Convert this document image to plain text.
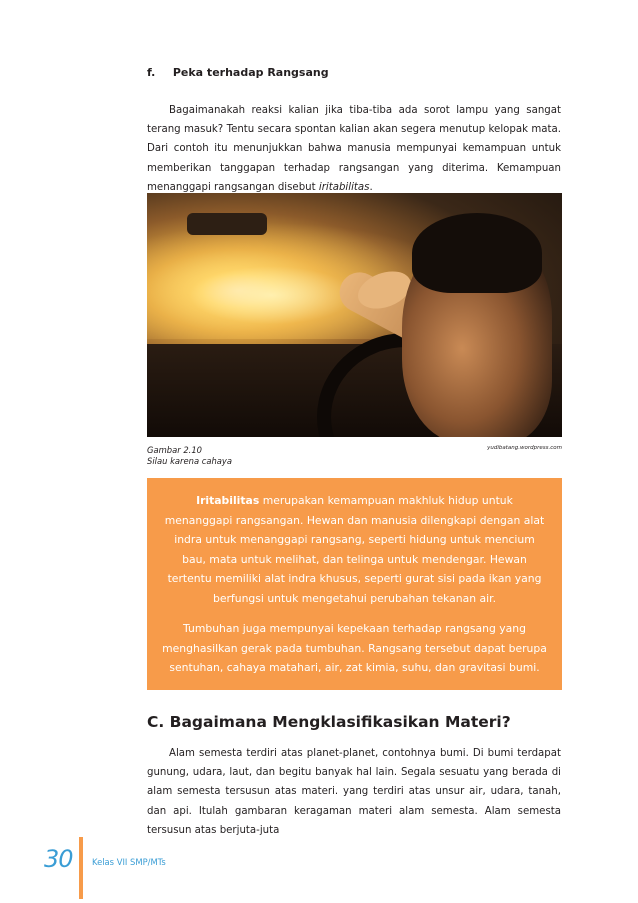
f. Peka terhadap Rangsang

Bagaimanakah reaksi kalian jika tiba-tiba ada sorot lampu yang sangat terang masuk? Tentu secara spontan kalian akan segera menutup kelopak mata. Dari contoh itu menunjukkan bahwa manusia mempunyai kemampuan untuk memberikan tanggapan terhadap rangsangan yang diterima. Kemampuan menanggapi rangsangan disebut iritabilitas.

Gambar 2.10
Silau karena cahaya
yudibatang.wordpress.com

Iritabilitas merupakan kemampuan makhluk hidup untuk menanggapi rangsangan. Hewan dan manusia dilengkapi dengan alat indra untuk menanggapi rangsang, seperti hidung untuk mencium bau, mata untuk melihat, dan telinga untuk mendengar. Hewan tertentu memiliki alat indra khusus, seperti gurat sisi pada ikan yang berfungsi untuk mengetahui perubahan tekanan air.

Tumbuhan juga mempunyai kepekaan terhadap rangsang yang menghasilkan gerak pada tumbuhan. Rangsang tersebut dapat berupa sentuhan, cahaya matahari, air, zat kimia, suhu, dan gravitasi bumi.

C. Bagaimana Mengklasifikasikan Materi?

Alam semesta terdiri atas planet-planet, contohnya bumi. Di bumi terdapat gunung, udara, laut, dan begitu banyak hal lain. Segala sesuatu yang berada di alam semesta tersusun atas materi. yang terdiri atas unsur air, udara, tanah, dan api. Itulah gambaran keragaman materi alam semesta. Alam semesta tersusun atas berjuta-juta

30 Kelas VII SMP/MTs
